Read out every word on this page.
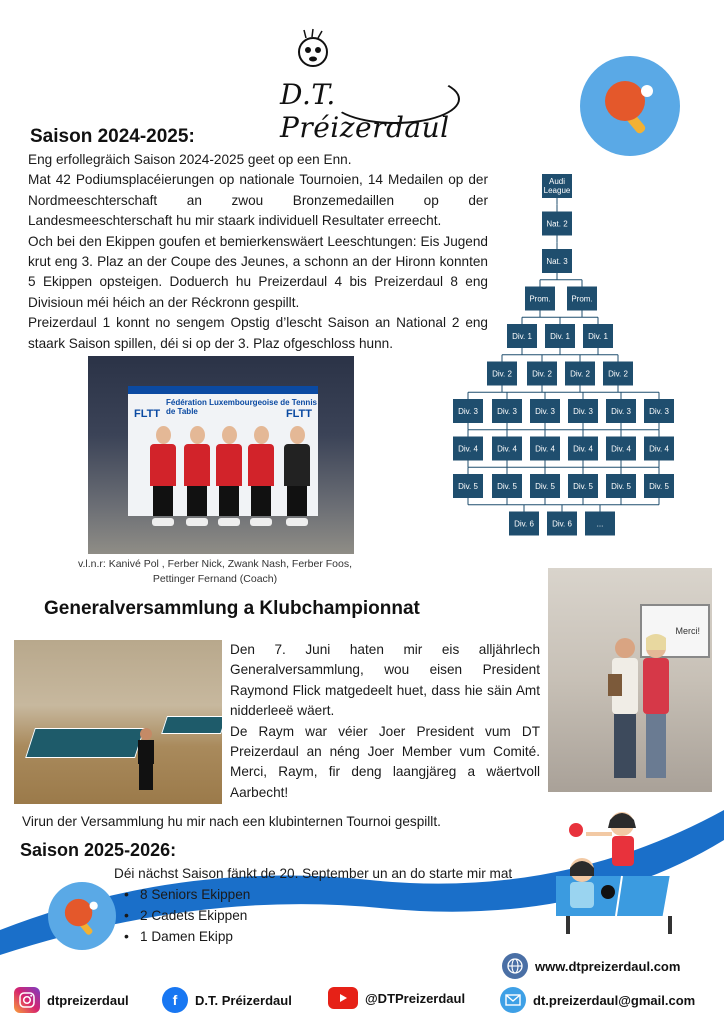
D.T. Préizerdaul
Saison 2024-2025:

Eng erfollegräich Saison 2024-2025 geet op een Enn.

Mat 42 Podiumsplacéierungen op nationale Tournoien, 14 Medailen op der Nordmeeschterschaft an zwou Bronzemedaillen op der Landesmeeschterschaft hu mir staark individuell Resultater erreecht.

Och bei den Ekippen goufen et bemierkenswäert Leeschtungen: Eis Jugend krut eng 3. Plaz an der Coupe des Jeunes, a schonn an der Hironn konnten 5 Ekippen opsteigen. Doduerch hu Preizerdaul 4 bis Preizerdaul 8 eng Divisioun méi héich an der Réckronn gespillt.

Preizerdaul 1 konnt no sengem Opstig d’lescht Saison an National 2 eng staark Saison spillen, déi si op der 3. Plaz ofgeschloss hunn.

Audi
League
Nat. 2
Nat. 3
Prom.	Prom.
Div. 1 Div. 1 Div. 1
Div. 2	Div. 2 Div. 2 Div. 2
Div. 3 Div. 3 Div. 3 Div. 3 Div. 3 Div. 3
Div. 4 Div. 4 Div. 4 Div. 4 Div. 4 Div. 4
Div. 5 Div. 5 Div. 5 Div. 5 Div. 5 Div. 5
Div. 6 Div. 6	...
Fédération Luxembourgeoise de Tennis de Table
FLTT	FLTT
v.l.n.r: Kanivé Pol , Ferber Nick, Zwank Nash, Ferber Foos,
Pettinger Fernand (Coach)
Merci!
Generalversammlung a Klubchampionnat

Den 7. Juni haten mir eis alljährlech Generalversammlung, wou eisen President Raymond Flick matgedeelt huet, dass hie säin Amt nidderleeë wäert.

De Raym war véier Joer President vum DT Preizerdaul an néng Joer Member vum Comité. Merci, Raym, fir deng laangjäreg a wäertvoll Aarbecht!

Virun der Versammlung hu mir nach een klubinternen Tournoi gespillt.
Saison 2025-2026:
Déi nächst Saison fänkt de 20. September un an do starte mir mat
• 8 Seniors Ekippen
• 2 Cadets Ekippen
• 1 Damen Ekipp
www.dtpreizerdaul.com
dtpreizerdaul	f	D.T. Préizerdaul	@DTPreizerdaul	dt.preizerdaul@gmail.com
